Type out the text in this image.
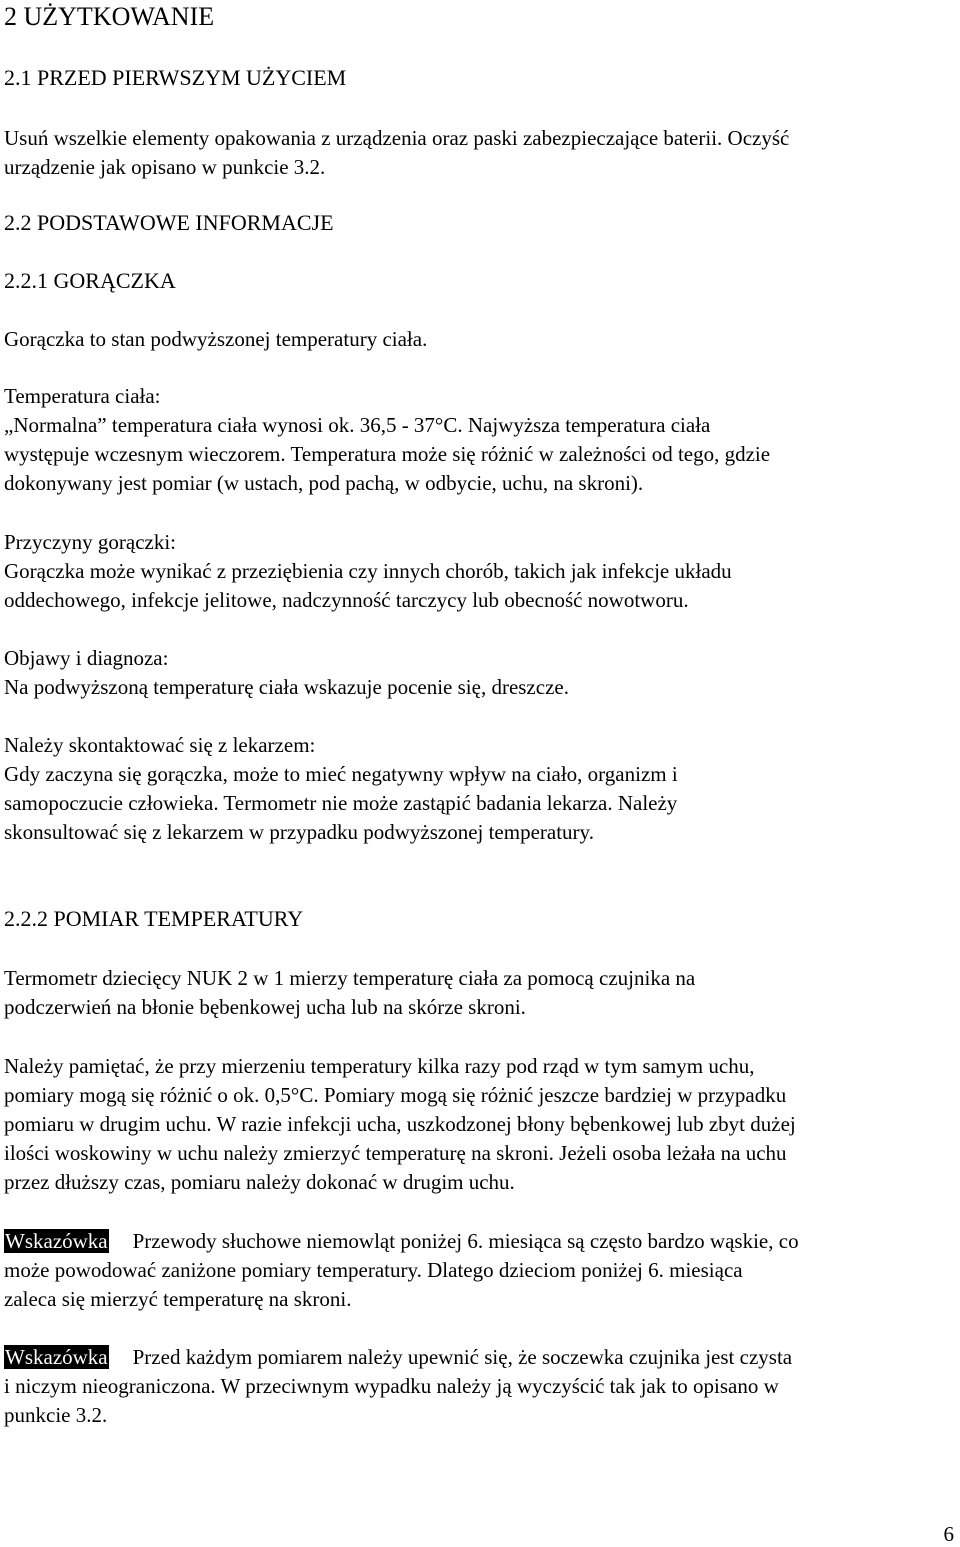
2 UŻYTKOWANIE
2.1 PRZED PIERWSZYM UŻYCIEM
Usuń wszelkie elementy opakowania z urządzenia oraz paski zabezpieczające baterii. Oczyść
urządzenie jak opisano w punkcie 3.2.
2.2 PODSTAWOWE INFORMACJE
2.2.1 GORĄCZKA
Gorączka to stan podwyższonej temperatury ciała.
Temperatura ciała:
„Normalna” temperatura ciała wynosi ok. 36,5 - 37°C. Najwyższa temperatura ciała
występuje wczesnym wieczorem. Temperatura może się różnić w zależności od tego, gdzie
dokonywany jest pomiar (w ustach, pod pachą, w odbycie, uchu, na skroni).
Przyczyny gorączki:
Gorączka może wynikać z przeziębienia czy innych chorób, takich jak infekcje układu
oddechowego, infekcje jelitowe, nadczynność tarczycy lub obecność nowotworu.
Objawy i diagnoza:
Na podwyższoną temperaturę ciała wskazuje pocenie się, dreszcze.
Należy skontaktować się z lekarzem:
Gdy zaczyna się gorączka, może to mieć negatywny wpływ na ciało, organizm i
samopoczucie człowieka. Termometr nie może zastąpić badania lekarza. Należy
skonsultować się z lekarzem w przypadku podwyższonej temperatury.
2.2.2 POMIAR TEMPERATURY
Termometr dziecięcy NUK 2 w 1 mierzy temperaturę ciała za pomocą czujnika na
podczerwień na błonie bębenkowej ucha lub na skórze skroni.
Należy pamiętać, że przy mierzeniu temperatury kilka razy pod rząd w tym samym uchu,
pomiary mogą się różnić o ok. 0,5°C. Pomiary mogą się różnić jeszcze bardziej w przypadku
pomiaru w drugim uchu. W razie infekcji ucha, uszkodzonej błony bębenkowej lub zbyt dużej
ilości woskowiny w uchu należy zmierzyć temperaturę na skroni. Jeżeli osoba leżała na uchu
przez dłuższy czas, pomiaru należy dokonać w drugim uchu.
Wskazówka Przewody słuchowe niemowląt poniżej 6. miesiąca są często bardzo wąskie, co
może powodować zaniżone pomiary temperatury. Dlatego dzieciom poniżej 6. miesiąca
zaleca się mierzyć temperaturę na skroni.
Wskazówka Przed każdym pomiarem należy upewnić się, że soczewka czujnika jest czysta
i niczym nieograniczona. W przeciwnym wypadku należy ją wyczyścić tak jak to opisano w
punkcie 3.2.
6
